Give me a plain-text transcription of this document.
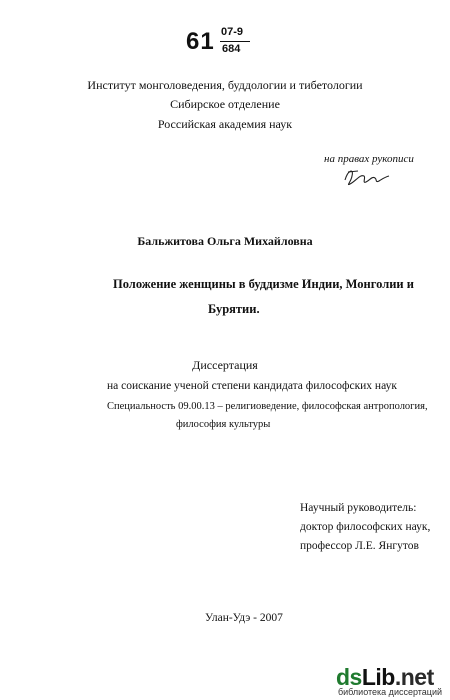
61 07-9
684
Институт монголоведения, буддологии и тибетологии
Сибирское отделение
Российская академия наук
на правах рукописи
Бальжитова Ольга Михайловна
Положение женщины в буддизме Индии, Монголии и
Бурятии.
Диссертация
на соискание ученой степени кандидата философских наук
Специальность 09.00.13 – религиоведение, философская антропология,
философия культуры
Научный руководитель:
доктор философских наук,
профессор Л.Е. Янгутов
Улан-Удэ - 2007
dsLib.net
библиотека диссертаций
